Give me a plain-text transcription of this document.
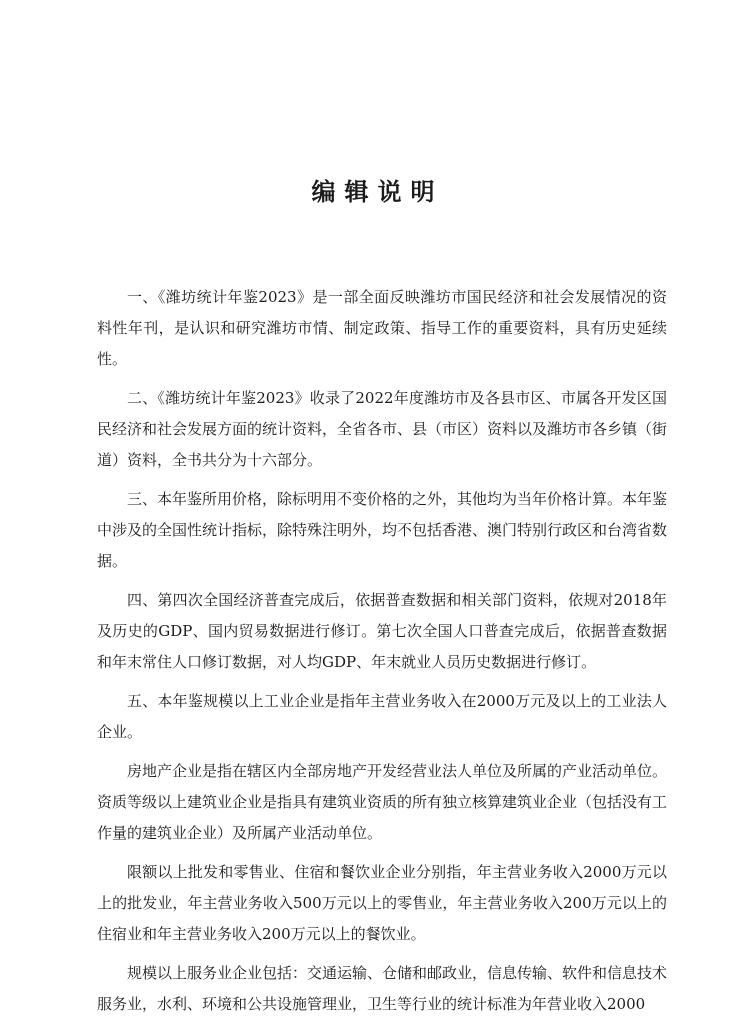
编辑说明

一、《潍坊统计年鉴2023》是一部全面反映潍坊市国民经济和社会发展情况的资料性年刊，是认识和研究潍坊市情、制定政策、指导工作的重要资料，具有历史延续性。

二、《潍坊统计年鉴2023》收录了2022年度潍坊市及各县市区、市属各开发区国民经济和社会发展方面的统计资料，全省各市、县（市区）资料以及潍坊市各乡镇（街道）资料，全书共分为十六部分。

三、本年鉴所用价格，除标明用不变价格的之外，其他均为当年价格计算。本年鉴中涉及的全国性统计指标，除特殊注明外，均不包括香港、澳门特别行政区和台湾省数据。

四、第四次全国经济普查完成后，依据普查数据和相关部门资料，依规对2018年及历史的GDP、国内贸易数据进行修订。第七次全国人口普查完成后，依据普查数据和年末常住人口修订数据，对人均GDP、年末就业人员历史数据进行修订。

五、本年鉴规模以上工业企业是指年主营业务收入在2000万元及以上的工业法人企业。

房地产企业是指在辖区内全部房地产开发经营业法人单位及所属的产业活动单位。资质等级以上建筑业企业是指具有建筑业资质的所有独立核算建筑业企业（包括没有工作量的建筑业企业）及所属产业活动单位。

限额以上批发和零售业、住宿和餐饮业企业分别指，年主营业务收入2000万元以上的批发业，年主营业务收入500万元以上的零售业，年主营业务收入200万元以上的住宿业和年主营业务收入200万元以上的餐饮业。

规模以上服务业企业包括：交通运输、仓储和邮政业，信息传输、软件和信息技术服务业，水利、环境和公共设施管理业，卫生等行业的统计标准为年营业收入2000
